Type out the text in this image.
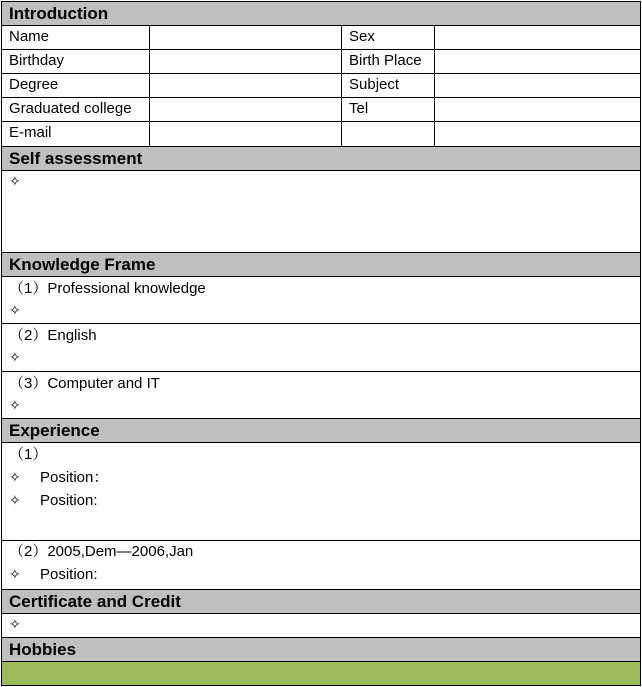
Introduction
Name
Birthday
Degree
Graduated college
E-mail
Sex
Birth Place
Subject
Tel
Self assessment
✧
Knowledge Frame
（1）Professional knowledge
✧
（2）English
✧
（3）Computer and IT
✧
Experience
（1）
✧ Position：
✧ Position:
（2）2005,Dem—2006,Jan
✧ Position:
Certificate and Credit
✧
Hobbies
